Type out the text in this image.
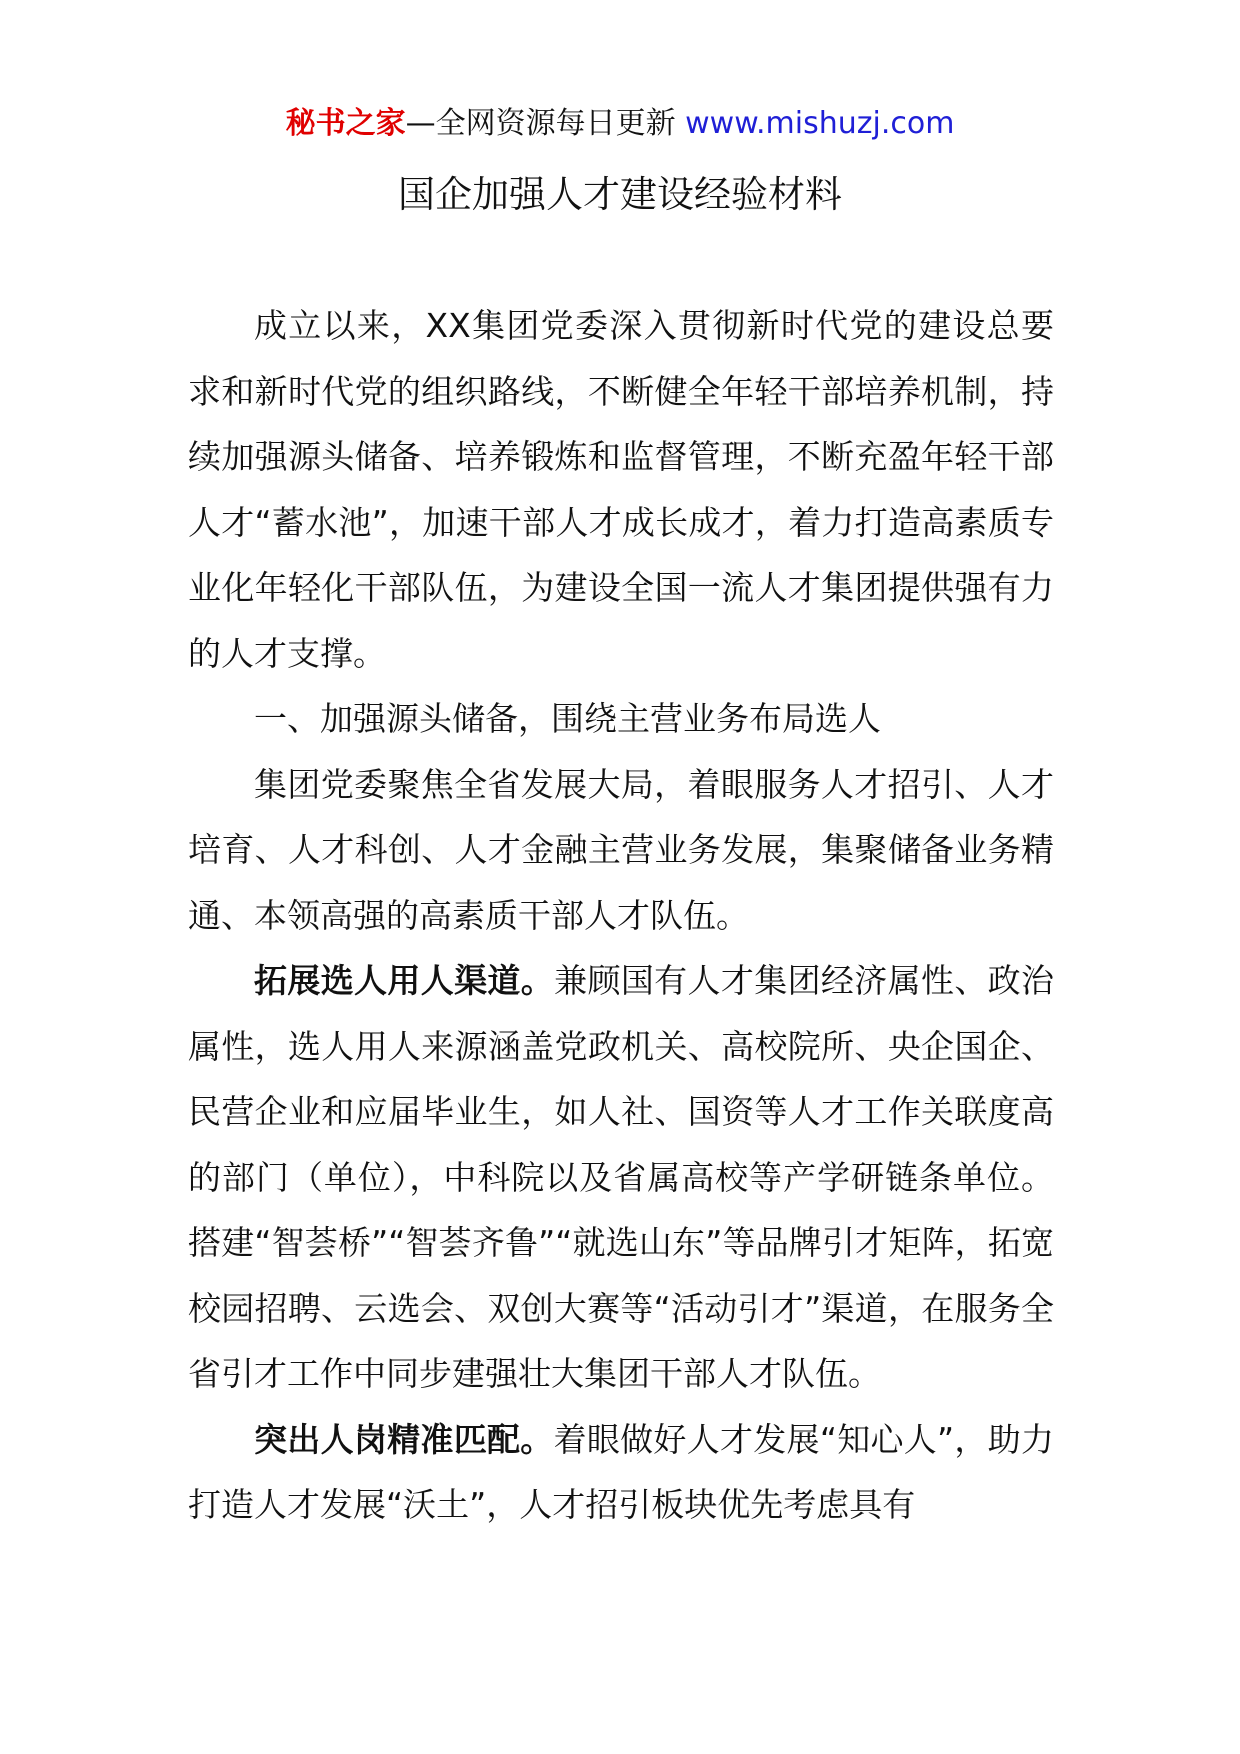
秘书之家—全网资源每日更新 www.mishuzj.com
国企加强人才建设经验材料

成立以来，XX集团党委深入贯彻新时代党的建设总要求和新时代党的组织路线，不断健全年轻干部培养机制，持续加强源头储备、培养锻炼和监督管理，不断充盈年轻干部人才“蓄水池”，加速干部人才成长成才，着力打造高素质专业化年轻化干部队伍，为建设全国一流人才集团提供强有力的人才支撑。

一、加强源头储备，围绕主营业务布局选人

集团党委聚焦全省发展大局，着眼服务人才招引、人才培育、人才科创、人才金融主营业务发展，集聚储备业务精通、本领高强的高素质干部人才队伍。

拓展选人用人渠道。兼顾国有人才集团经济属性、政治属性，选人用人来源涵盖党政机关、高校院所、央企国企、民营企业和应届毕业生，如人社、国资等人才工作关联度高的部门（单位），中科院以及省属高校等产学研链条单位。搭建“智荟桥”“智荟齐鲁”“就选山东”等品牌引才矩阵，拓宽校园招聘、云选会、双创大赛等“活动引才”渠道，在服务全省引才工作中同步建强壮大集团干部人才队伍。

突出人岗精准匹配。着眼做好人才发展“知心人”，助力打造人才发展“沃土”，人才招引板块优先考虑具有
